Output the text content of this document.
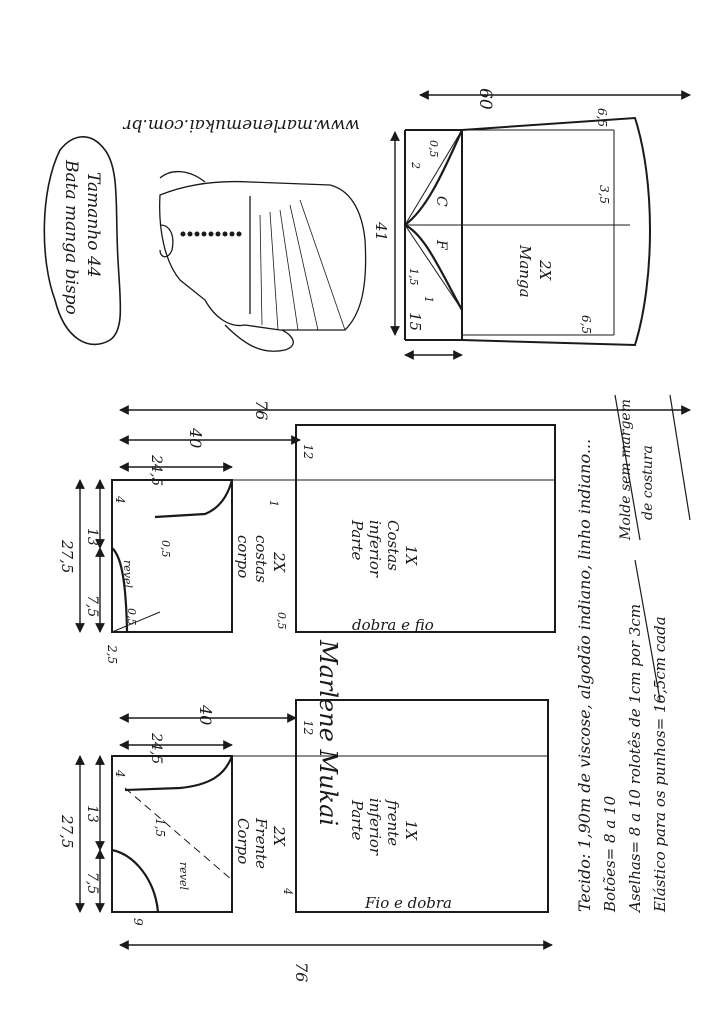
Bata manga bispo Tamanho 44
www.marlenemukai.com.br
Marlene Mukai
Manga 2X
60
41
15
6,5
6,5
3,5
0,5
2
1,5
1
C
F
corpo costas 2X
27,5
13
7,5
2,5
24,5
4
0,5
0,5	0,5
1
revel
Parte inferior Costas 1X
40
76
12
dobra e fio
Corpo Frente 2X
27,5
13
7,5
9
24,5
4
1,5
4
revel
Parte inferior frente 1X
40
76
12
Fio e dobra	Tecido: 1,90m de viscose, algodão indiano, linho indiano... Botões= 8 a 10 Aselhas= 8 a 10 rolotês de 1cm por 3cm Elástico para os punhos= 16,5cm cada
Molde sem margem de costura
